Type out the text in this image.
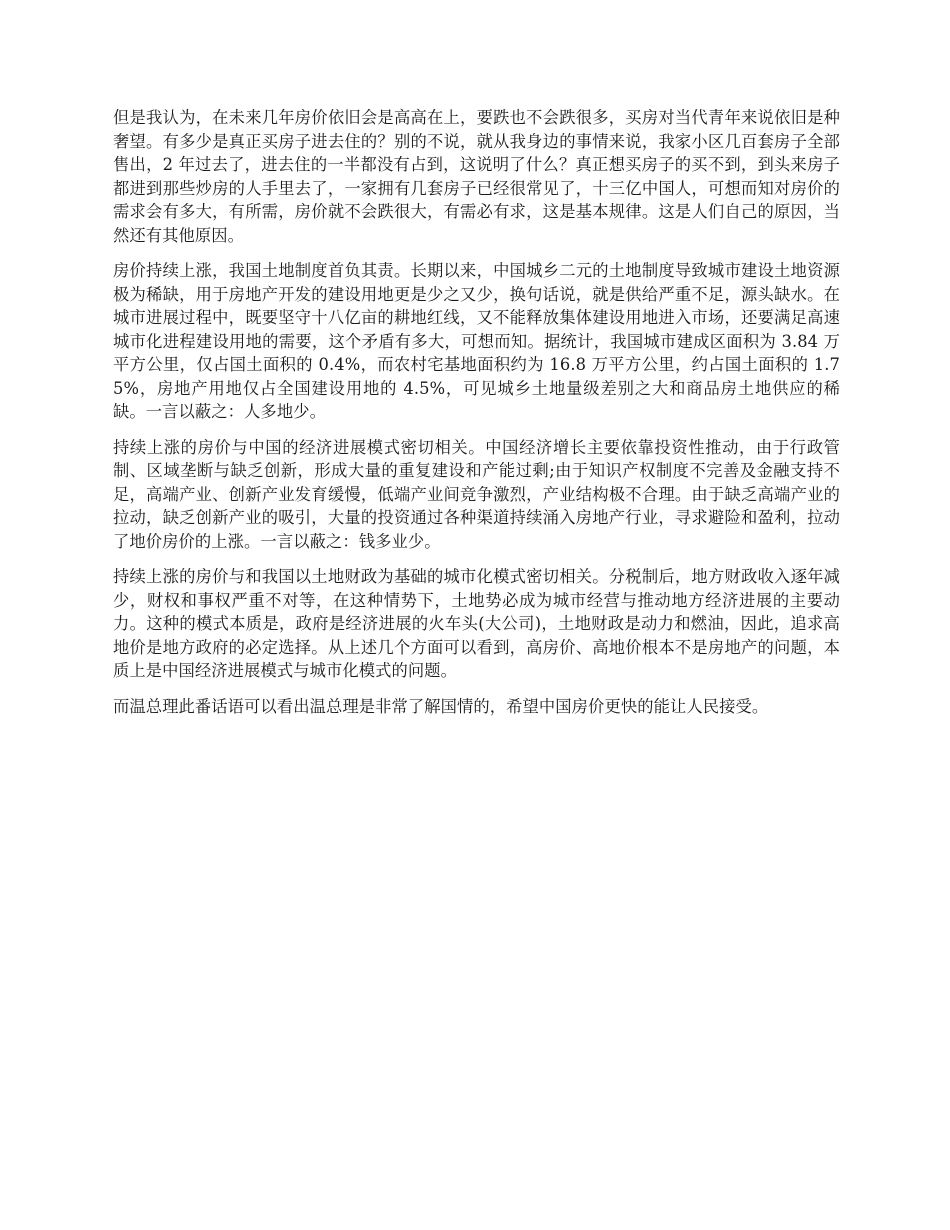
但是我认为，在未来几年房价依旧会是高高在上，要跌也不会跌很多，买房对当代青年来说依旧是种奢望。有多少是真正买房子进去住的？别的不说，就从我身边的事情来说，我家小区几百套房子全部售出，2 年过去了，进去住的一半都没有占到，这说明了什么？真正想买房子的买不到，到头来房子都进到那些炒房的人手里去了，一家拥有几套房子已经很常见了，十三亿中国人，可想而知对房价的需求会有多大，有所需，房价就不会跌很大，有需必有求，这是基本规律。这是人们自己的原因，当然还有其他原因。

房价持续上涨，我国土地制度首负其责。长期以来，中国城乡二元的土地制度导致城市建设土地资源极为稀缺，用于房地产开发的建设用地更是少之又少，换句话说，就是供给严重不足，源头缺水。在城市进展过程中，既要坚守十八亿亩的耕地红线，又不能释放集体建设用地进入市场，还要满足高速城市化进程建设用地的需要，这个矛盾有多大，可想而知。据统计，我国城市建成区面积为 3.84 万平方公里，仅占国土面积的 0.4%，而农村宅基地面积约为 16.8 万平方公里，约占国土面积的 1.75%，房地产用地仅占全国建设用地的 4.5%，可见城乡土地量级差别之大和商品房土地供应的稀缺。一言以蔽之：人多地少。

持续上涨的房价与中国的经济进展模式密切相关。中国经济增长主要依靠投资性推动，由于行政管制、区域垄断与缺乏创新，形成大量的重复建设和产能过剩;由于知识产权制度不完善及金融支持不足，高端产业、创新产业发育缓慢，低端产业间竞争激烈，产业结构极不合理。由于缺乏高端产业的拉动，缺乏创新产业的吸引，大量的投资通过各种渠道持续涌入房地产行业，寻求避险和盈利，拉动了地价房价的上涨。一言以蔽之：钱多业少。

持续上涨的房价与和我国以土地财政为基础的城市化模式密切相关。分税制后，地方财政收入逐年减少，财权和事权严重不对等，在这种情势下，土地势必成为城市经营与推动地方经济进展的主要动力。这种的模式本质是，政府是经济进展的火车头(大公司)，土地财政是动力和燃油，因此，追求高地价是地方政府的必定选择。从上述几个方面可以看到，高房价、高地价根本不是房地产的问题，本质上是中国经济进展模式与城市化模式的问题。

而温总理此番话语可以看出温总理是非常了解国情的，希望中国房价更快的能让人民接受。
